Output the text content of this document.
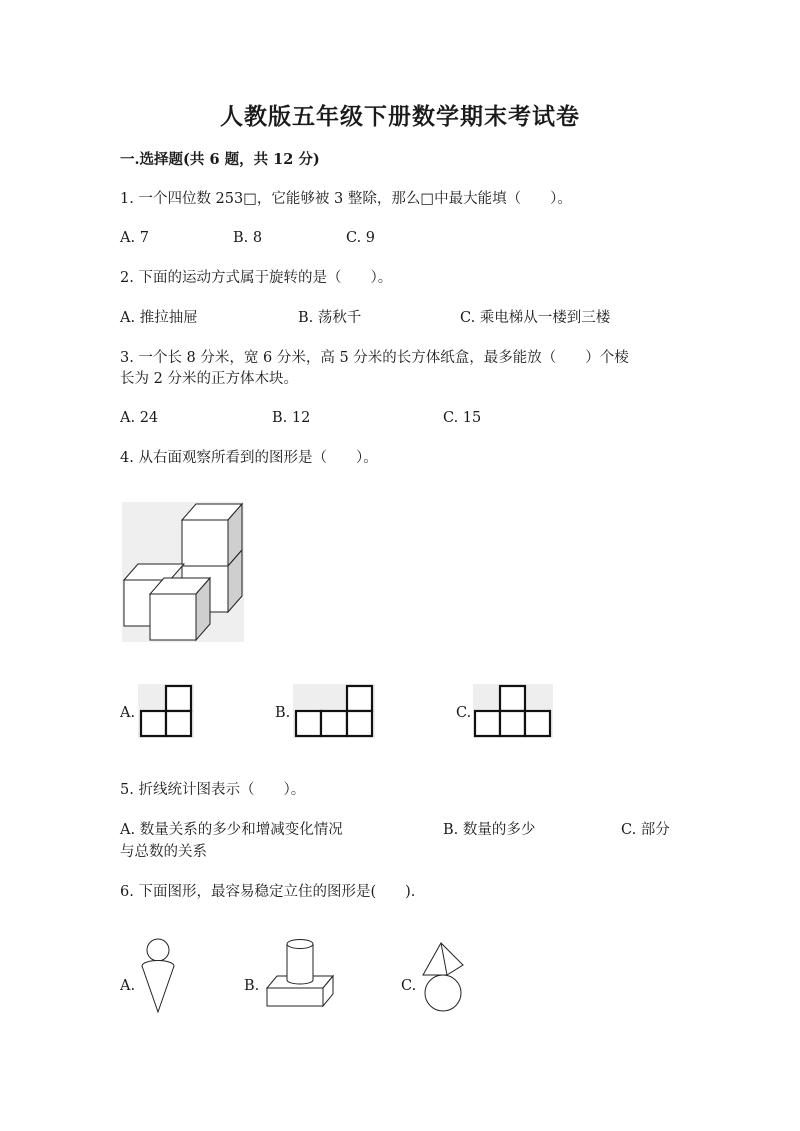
人教版五年级下册数学期末考试卷
一.选择题(共 6 题，共 12 分)
1. 一个四位数 253□，它能够被 3 整除，那么□中最大能填（　　）。
A. 7	B. 8	C. 9
2. 下面的运动方式属于旋转的是（　　）。
A. 推拉抽屉	B. 荡秋千	C. 乘电梯从一楼到三楼
3. 一个长 8 分米，宽 6 分米，高 5 分米的长方体纸盒，最多能放（　　）个棱
长为 2 分米的正方体木块。
A. 24	B. 12	C. 15
4. 从右面观察所看到的图形是（　　）。
A.	B.	C.
5. 折线统计图表示（　　）。
A. 数量关系的多少和增减变化情况	B. 数量的多少	C. 部分
与总数的关系
6. 下面图形，最容易稳定立住的图形是(　　).
A.	B.	C.
